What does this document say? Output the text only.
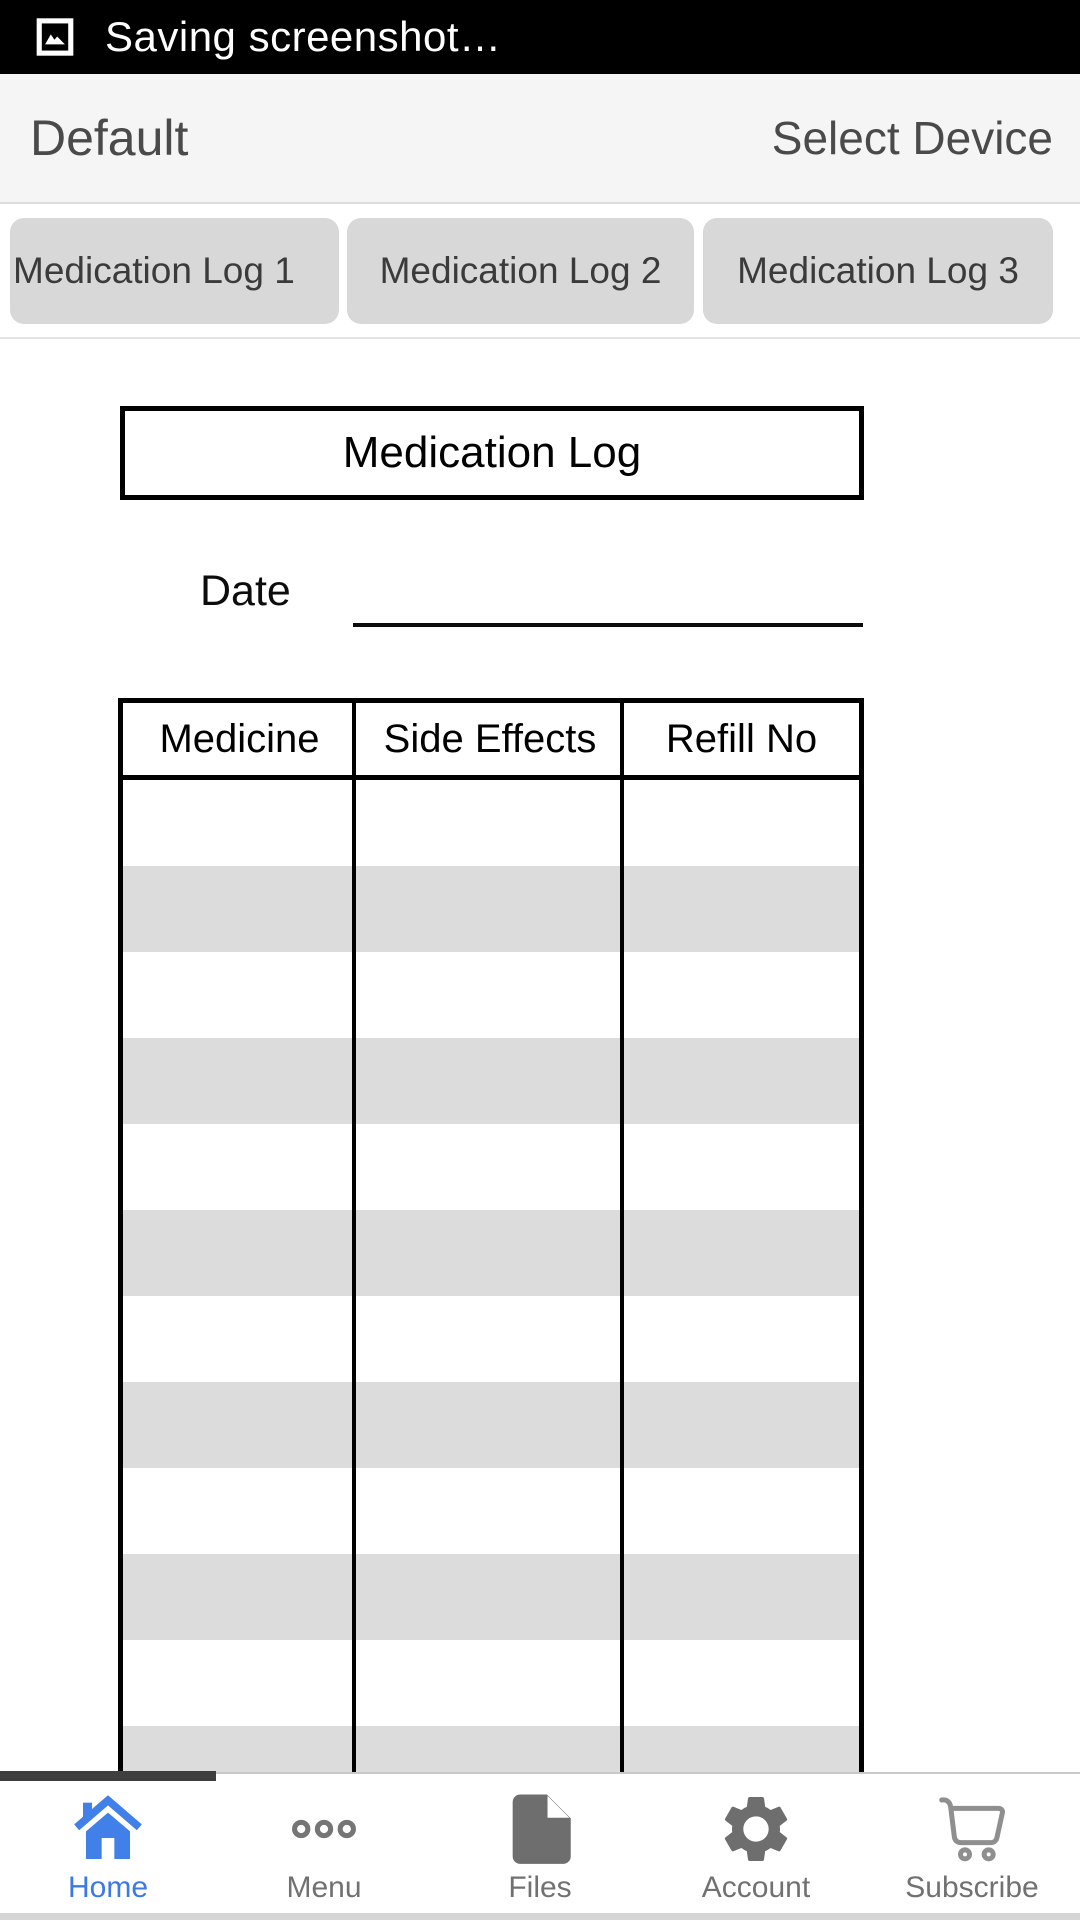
Saving screenshot…
Default	Select Device
Medication Log 1	Medication Log 2	Medication Log 3
Medication Log
Date
Medicine	Side Effects	Refill No
Home	Menu	Files	Account	Subscribe
